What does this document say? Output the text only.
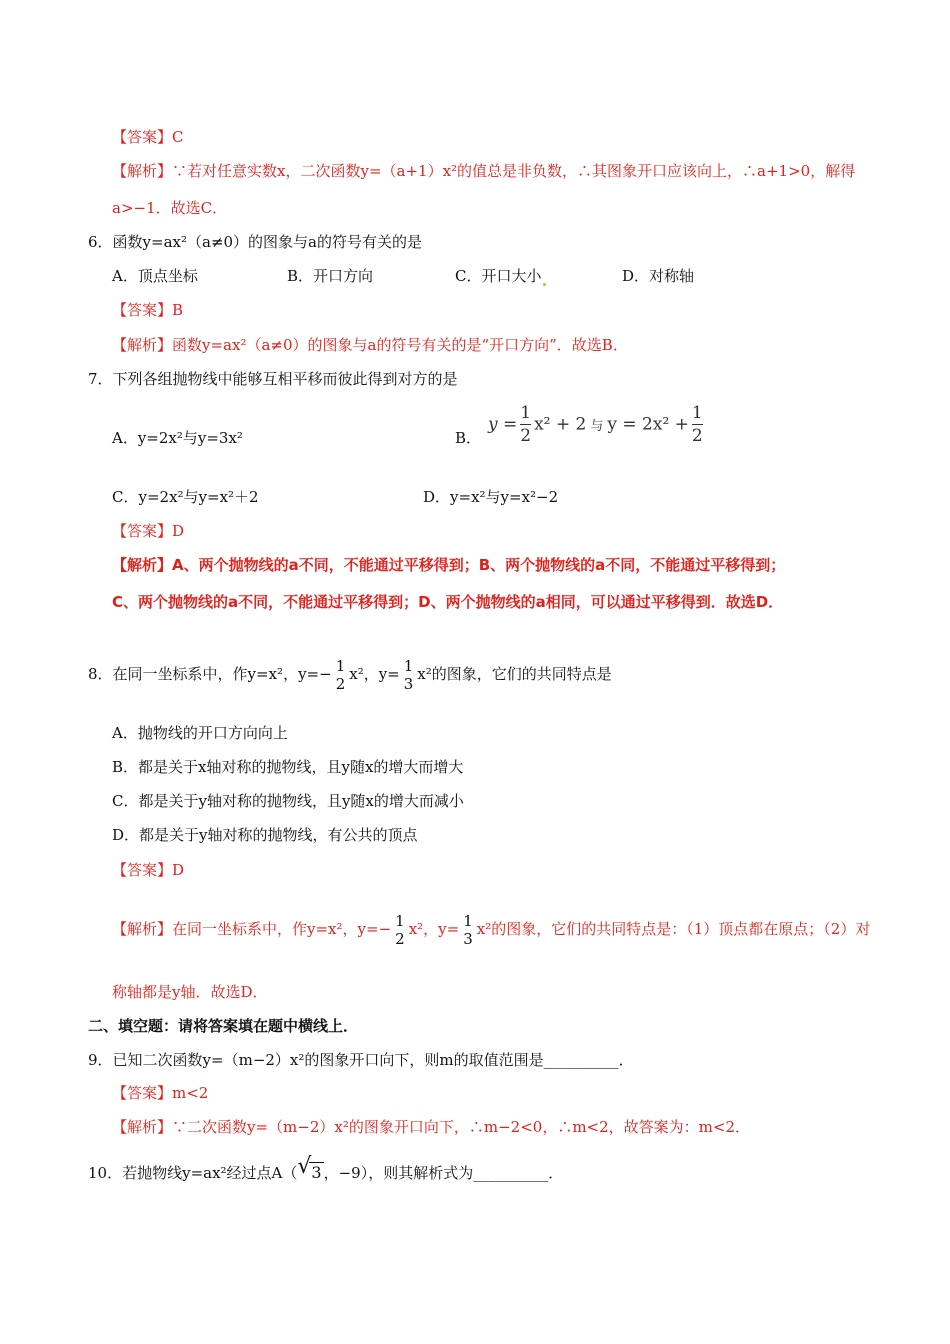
【答案】C
【解析】∵若对任意实数x，二次函数y=（a+1）x²的值总是非负数，∴其图象开口应该向上，∴a+1>0，解得
a>−1．故选C．
6．函数y=ax²（a≠0）的图象与a的符号有关的是
A．顶点坐标	B．开口方向	C．开口大小	D．对称轴
【答案】B
【解析】函数y=ax²（a≠0）的图象与a的符号有关的是“开口方向”．故选B．
7．下列各组抛物线中能够互相平移而彼此得到对方的是
A．y=2x²与y=3x²	B．
$y = \frac{1}{2} x^2 + 2$ 与 $y = 2x^2 + \frac{1}{2}$
C．y=2x²与y=x²＋2	D．y=x²与y=x²−2
【答案】D
【解析】A、两个抛物线的a不同，不能通过平移得到；B、两个抛物线的a不同，不能通过平移得到；
C、两个抛物线的a不同，不能通过平移得到；D、两个抛物线的a相同，可以通过平移得到．故选D．
8．在同一坐标系中，作y=x²，y=− 1
2
x²，y= 1
3
x²的图象，它们的共同特点是
A．抛物线的开口方向向上
B．都是关于x轴对称的抛物线，且y随x的增大而增大
C．都是关于y轴对称的抛物线，且y随x的增大而减小
D．都是关于y轴对称的抛物线，有公共的顶点
【答案】D
【解析】在同一坐标系中，作y=x²，y=− 1
2
x²，y= 1
3
x²的图象，它们的共同特点是：（1）顶点都在原点；（2）对
称轴都是y轴．故选D．
二、填空题：请将答案填在题中横线上．
9．已知二次函数y=（m−2）x²的图象开口向下，则m的取值范围是__________．
【答案】m<2
【解析】∵二次函数y=（m−2）x²的图象开口向下，∴m−2<0，∴m<2，故答案为：m<2．
10．若抛物线y=ax²经过点A（ √ 3 ，−9），则其解析式为__________．
